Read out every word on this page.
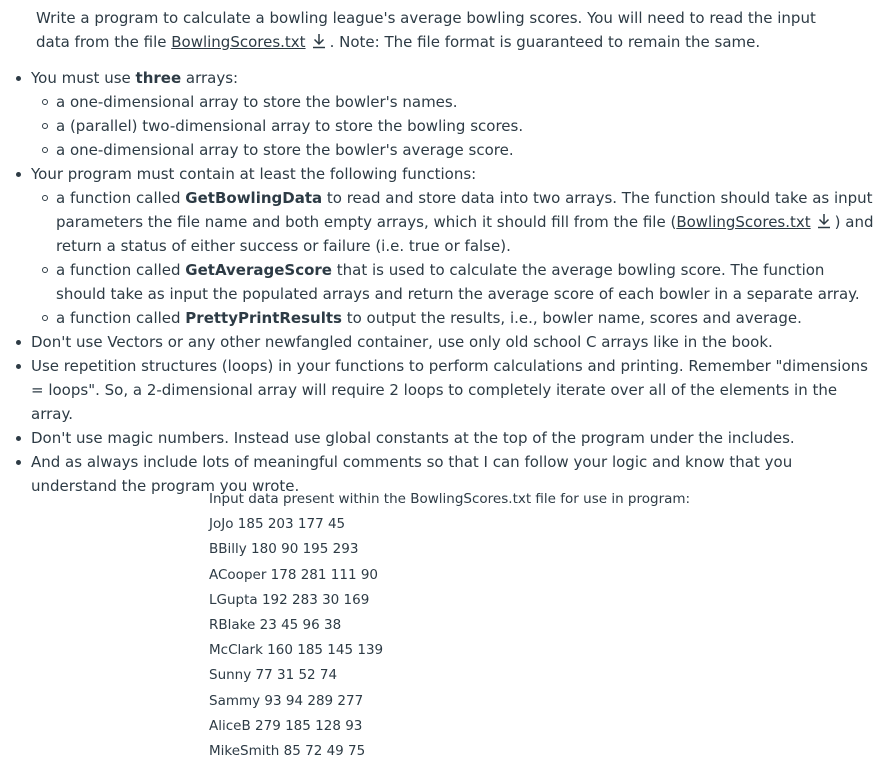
Write a program to calculate a bowling league's average bowling scores. You will need to read the input data from the file BowlingScores.txt . Note: The file format is guaranteed to remain the same.

You must use three arrays:
a one-dimensional array to store the bowler's names.
a (parallel) two-dimensional array to store the bowling scores.
a one-dimensional array to store the bowler's average score.
Your program must contain at least the following functions:
a function called GetBowlingData to read and store data into two arrays. The function should take as input parameters the file name and both empty arrays, which it should fill from the file (BowlingScores.txt ) and return a status of either success or failure (i.e. true or false).
a function called GetAverageScore that is used to calculate the average bowling score. The function should take as input the populated arrays and return the average score of each bowler in a separate array.
a function called PrettyPrintResults to output the results, i.e., bowler name, scores and average.
Don't use Vectors or any other newfangled container, use only old school C arrays like in the book.
Use repetition structures (loops) in your functions to perform calculations and printing. Remember "dimensions = loops". So, a 2-dimensional array will require 2 loops to completely iterate over all of the elements in the array.
Don't use magic numbers. Instead use global constants at the top of the program under the includes.
And as always include lots of meaningful comments so that I can follow your logic and know that you understand the program you wrote.
Input data present within the BowlingScores.txt file for use in program:
JoJo 185 203 177 45
BBilly 180 90 195 293
ACooper 178 281 111 90
LGupta 192 283 30 169
RBlake 23 45 96 38
McClark 160 185 145 139
Sunny 77 31 52 74
Sammy 93 94 289 277
AliceB 279 185 128 93
MikeSmith 85 72 49 75
